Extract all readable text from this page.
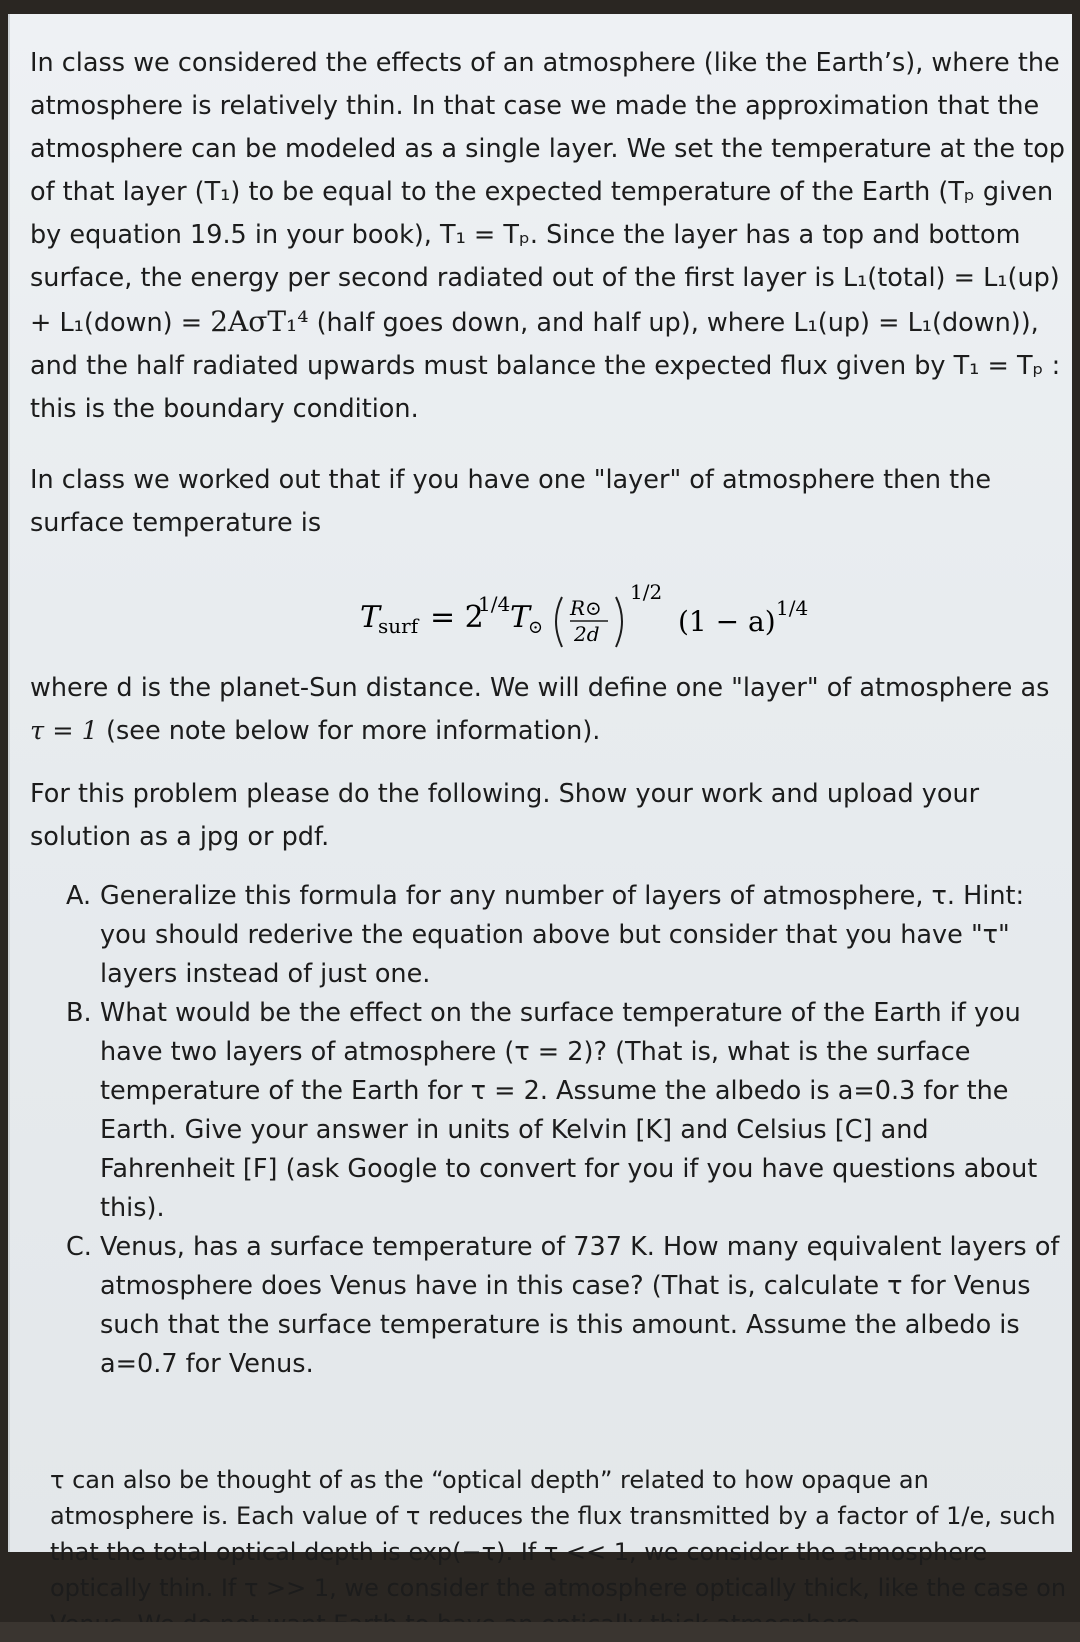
In class we considered the effects of an atmosphere (like the Earth’s), where the atmosphere is relatively thin. In that case we made the approximation that the atmosphere can be modeled as a single layer. We set the temperature at the top of that layer (T₁) to be equal to the expected temperature of the Earth (Tₚ given by equation 19.5 in your book), T₁ = Tₚ. Since the layer has a top and bottom surface, the energy per second radiated out of the first layer is L₁(total) = L₁(up) + L₁(down) = 2AσT₁⁴ (half goes down, and half up), where L₁(up) = L₁(down)), and the half radiated upwards must balance the expected flux given by T₁ = Tₚ : this is the boundary condition.

In class we worked out that if you have one "layer" of atmosphere then the surface temperature is

T
surf = 2
1/4 T
⊙
R⊙
2d
1/2
(1 − a) 1/4

where d is the planet-Sun distance. We will define one "layer" of atmosphere as
τ = 1 (see note below for more information).

For this problem please do the following. Show your work and upload your solution as a jpg or pdf.

A. Generalize this formula for any number of layers of atmosphere, τ. Hint: you should rederive the equation above but consider that you have "τ" layers instead of just one.
B. What would be the effect on the surface temperature of the Earth if you have two layers of atmosphere (τ = 2)? (That is, what is the surface temperature of the Earth for τ = 2. Assume the albedo is a=0.3 for the Earth. Give your answer in units of Kelvin [K] and Celsius [C] and Fahrenheit [F] (ask Google to convert for you if you have questions about this).
C. Venus, has a surface temperature of 737 K. How many equivalent layers of atmosphere does Venus have in this case? (That is, calculate τ for Venus such that the surface temperature is this amount. Assume the albedo is a=0.7 for Venus.

τ can also be thought of as the “optical depth” related to how opaque an atmosphere is. Each value of τ reduces the flux transmitted by a factor of 1/e, such that the total optical depth is exp(−τ). If τ << 1, we consider the atmosphere optically thin. If τ >> 1, we consider the atmosphere optically thick, like the case on
